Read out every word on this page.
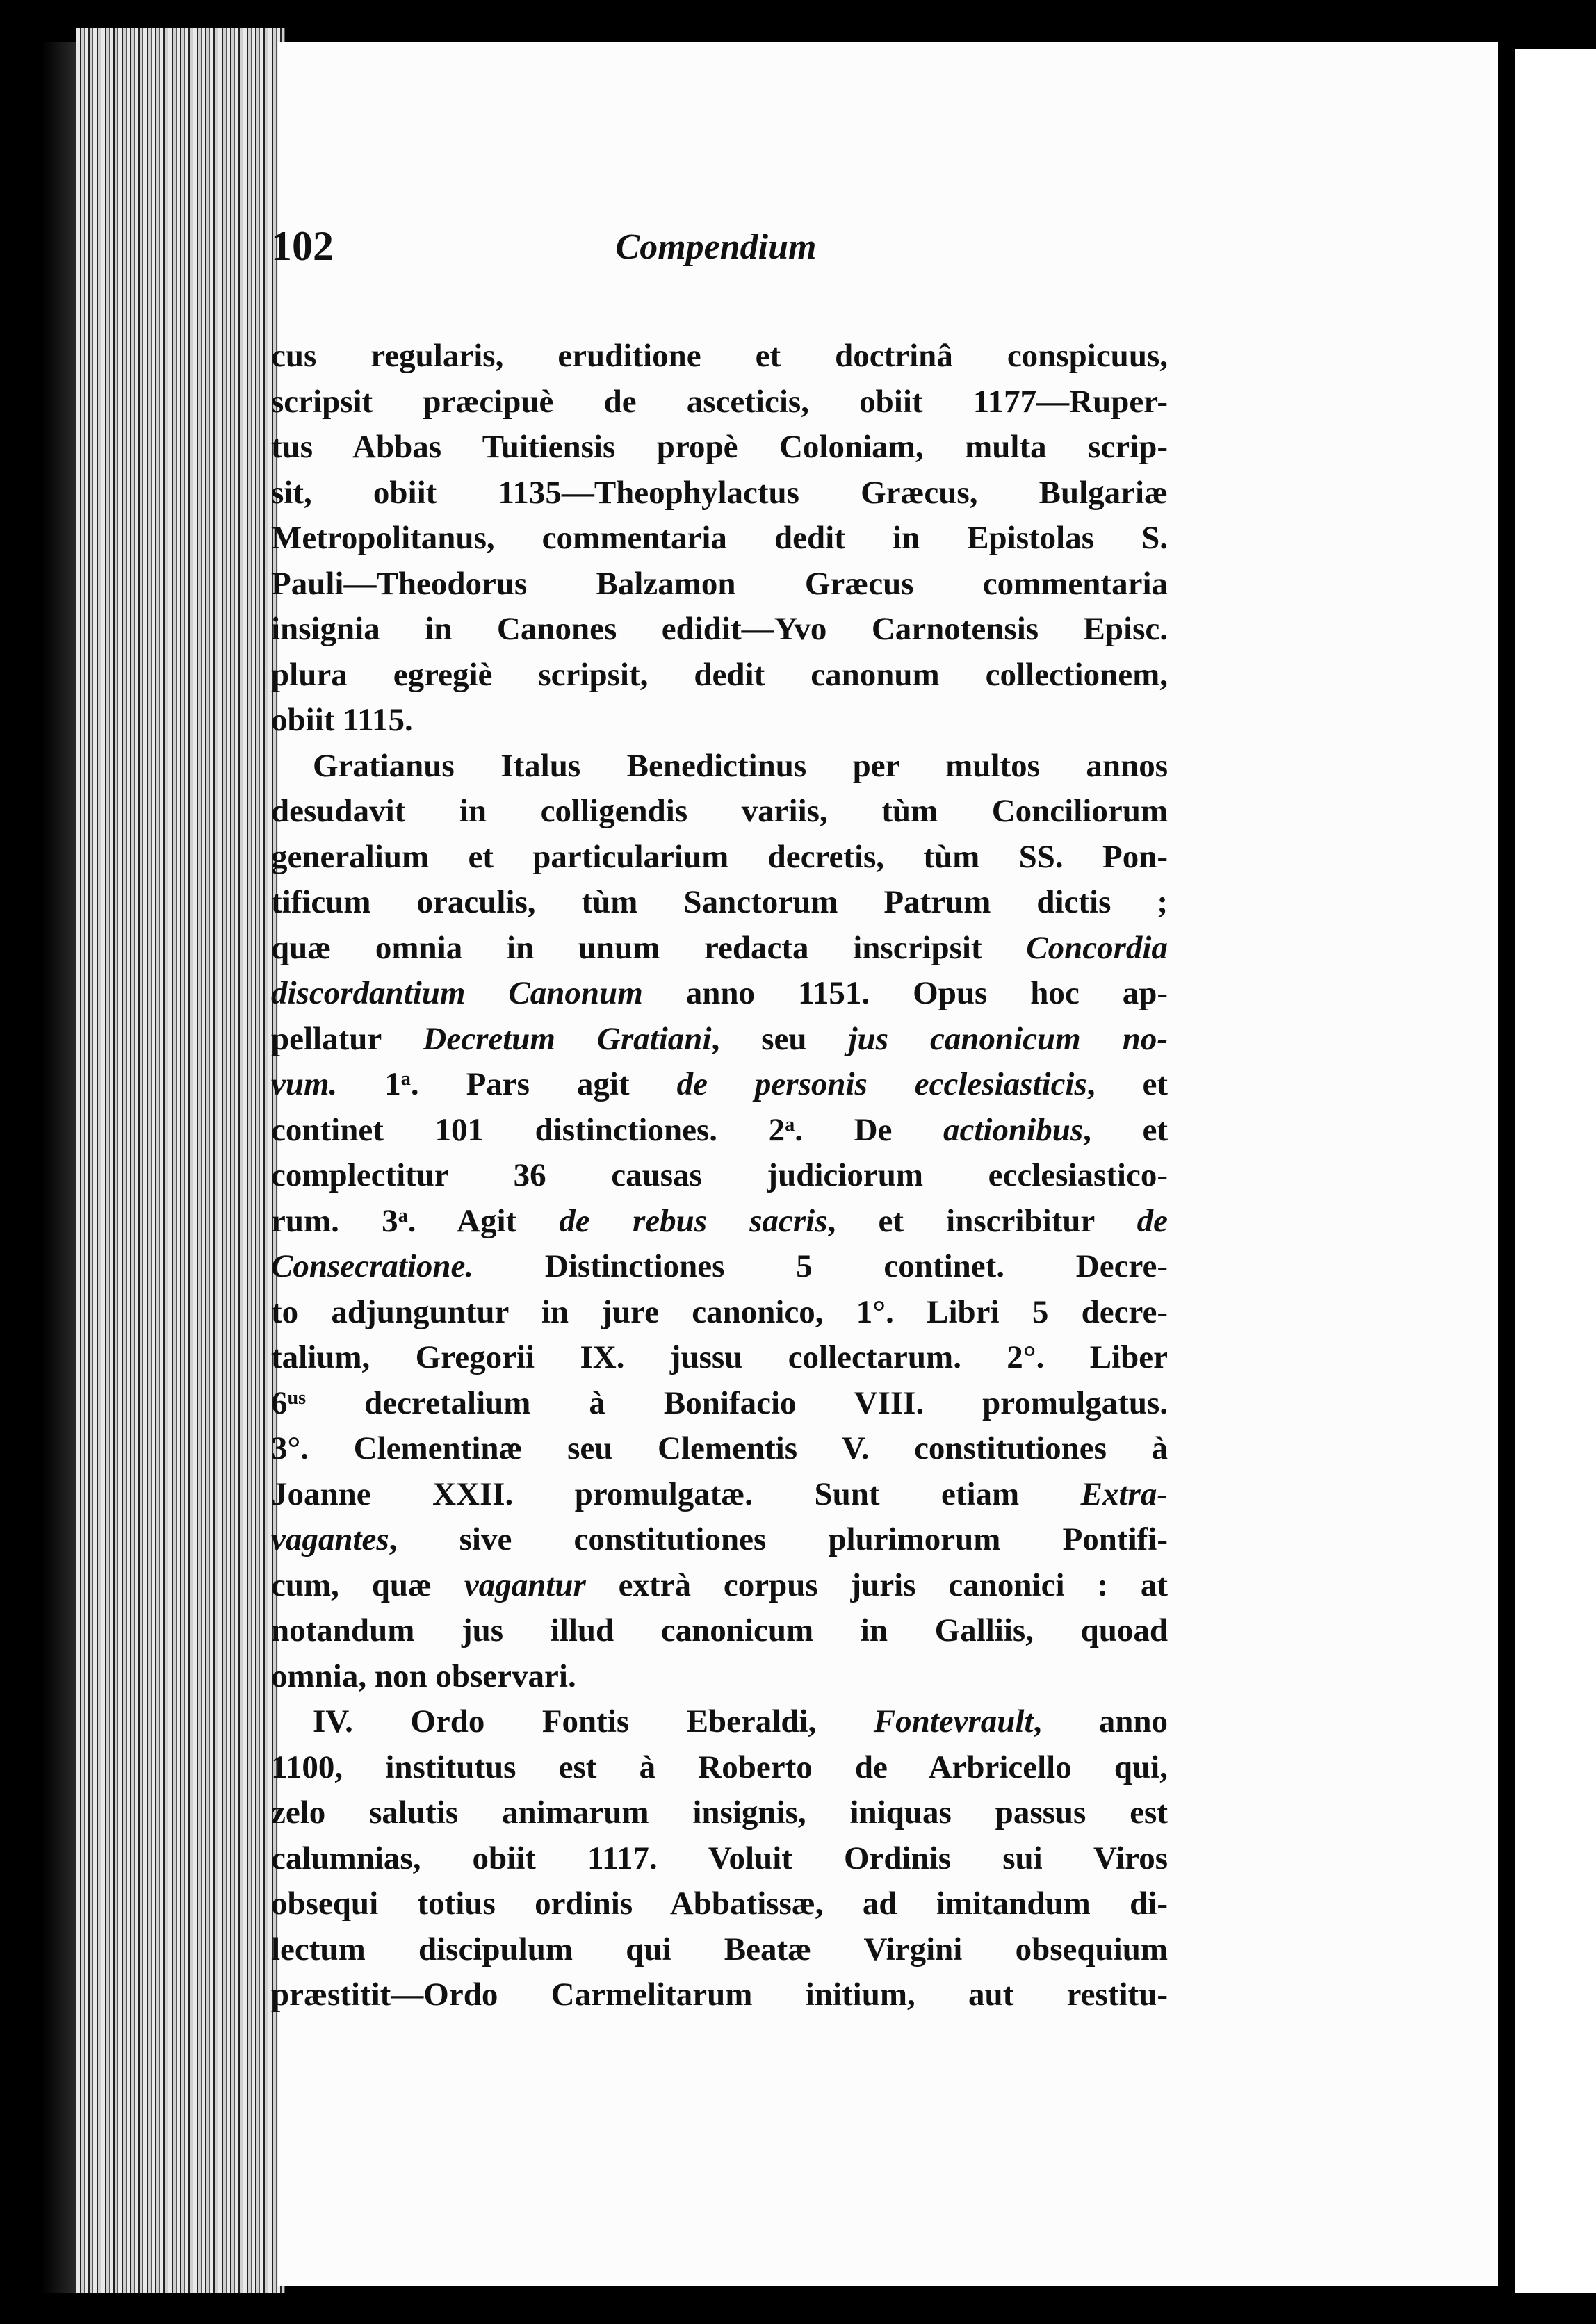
102	Compendium
cus regularis, eruditione et doctrinâ conspicuus,
scripsit præcipuè de asceticis, obiit 1177—Ruper-
tus Abbas Tuitiensis propè Coloniam, multa scrip-
sit, obiit 1135—Theophylactus Græcus, Bulgariæ
Metropolitanus, commentaria dedit in Epistolas S.
Pauli—Theodorus Balzamon Græcus commentaria
insignia in Canones edidit—Yvo Carnotensis Episc.
plura egregiè scripsit, dedit canonum collectionem,
obiit 1115.
Gratianus Italus Benedictinus per multos annos
desudavit in colligendis variis, tùm Conciliorum
generalium et particularium decretis, tùm SS. Pon-
tificum oraculis, tùm Sanctorum Patrum dictis ;
quæ omnia in unum redacta inscripsit Concordia
discordantium Canonum anno 1151. Opus hoc ap-
pellatur Decretum Gratiani, seu jus canonicum no-
vum. 1$^a$. Pars agit de personis ecclesiasticis, et
continet 101 distinctiones. 2$^a$. De actionibus, et
complectitur 36 causas judiciorum ecclesiastico-
rum. 3$^a$. Agit de rebus sacris, et inscribitur de
Consecratione. Distinctiones 5 continet. Decre-
to adjunguntur in jure canonico, 1°. Libri 5 decre-
talium, Gregorii IX. jussu collectarum. 2°. Liber
$6^{us}$ decretalium à Bonifacio VIII. promulgatus.
3°. Clementinæ seu Clementis V. constitutiones à
Joanne XXII. promulgatæ. Sunt etiam Extra-
vagantes, sive constitutiones plurimorum Pontifi-
cum, quæ vagantur extrà corpus juris canonici : at
notandum jus illud canonicum in Galliis, quoad
omnia, non observari.
IV. Ordo Fontis Eberaldi, Fontevrault, anno
1100, institutus est à Roberto de Arbricello qui,
zelo salutis animarum insignis, iniquas passus est
calumnias, obiit 1117. Voluit Ordinis sui Viros
obsequi totius ordinis Abbatissæ, ad imitandum di-
lectum discipulum qui Beatæ Virgini obsequium
præstitit—Ordo Carmelitarum initium, aut restitu-
